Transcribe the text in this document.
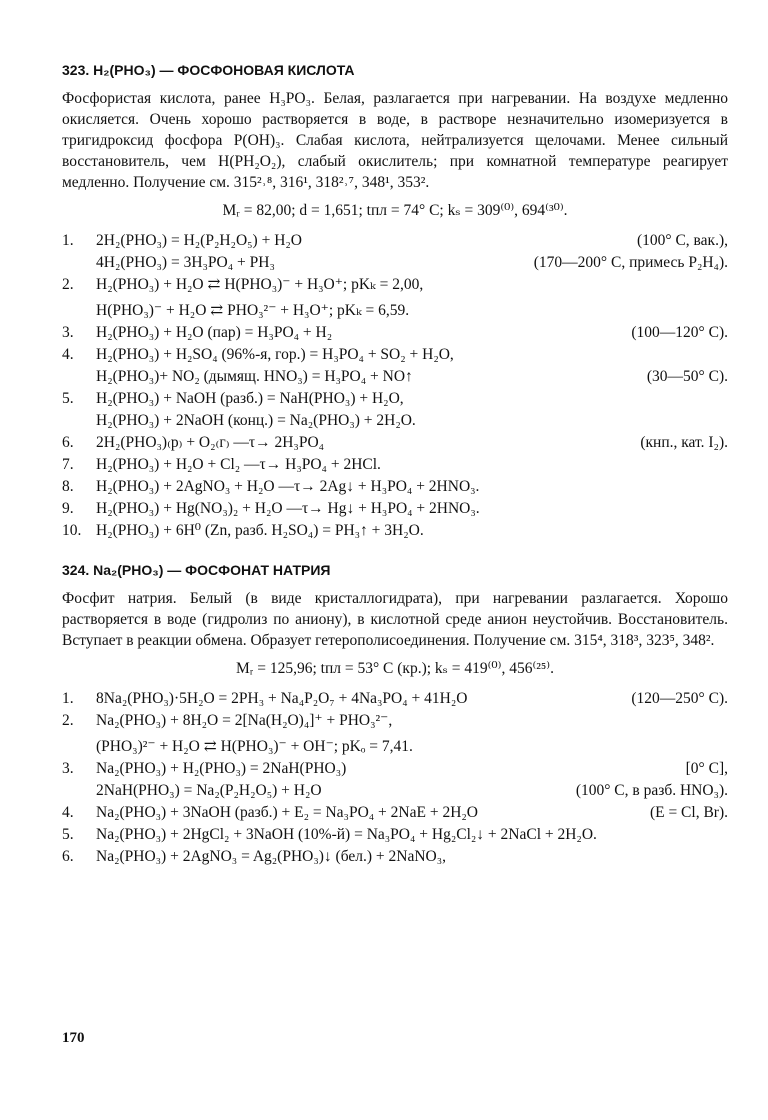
323. H₂(PHO₃) — ФОСФОНОВАЯ КИСЛОТА

Фосфористая кислота, ранее H₃PO₃. Белая, разлагается при нагревании. На воздухе медленно окисляется. Очень хорошо растворяется в воде, в растворе незначительно изомеризуется в тригидроксид фосфора P(OH)₃. Слабая кислота, нейтрализуется щелочами. Менее сильный восстановитель, чем H(PH₂O₂), слабый окислитель; при комнатной температуре реагирует медленно. Получение см. 315²˒⁸, 316¹, 318²˒⁷, 348¹, 353².

Mᵣ = 82,00; d = 1,651; tпл = 74° C; kₛ = 309⁽⁰⁾, 694⁽³⁰⁾.
1.	2H₂(PHO₃) = H₂(P₂H₂O₅) + H₂O	(100° C, вак.),
4H₂(PHO₃) = 3H₃PO₄ + PH₃	(170—200° C, примесь P₂H₄).
2.	H₂(PHO₃) + H₂O ⇄ H(PHO₃)⁻ + H₃O⁺; pKₖ = 2,00,
H(PHO₃)⁻ + H₂O ⇄ PHO₃²⁻ + H₃O⁺; pKₖ = 6,59.
3.	H₂(PHO₃) + H₂O (пар) = H₃PO₄ + H₂	(100—120° C).
4.	H₂(PHO₃) + H₂SO₄ (96%-я, гор.) = H₃PO₄ + SO₂ + H₂O,
H₂(PHO₃)+ NO₂ (дымящ. HNO₃) = H₃PO₄ + NO↑	(30—50° C).
5.	H₂(PHO₃) + NaOH (разб.) = NaH(PHO₃) + H₂O,
H₂(PHO₃) + 2NaOH (конц.) = Na₂(PHO₃) + 2H₂O.
6.	2H₂(PHO₃)₍р₎ + O₂₍г₎ —τ→ 2H₃PO₄	(кнп., кат. I₂).
7.	H₂(PHO₃) + H₂O + Cl₂ —τ→ H₃PO₄ + 2HCl.
8.	H₂(PHO₃) + 2AgNO₃ + H₂O —τ→ 2Ag↓ + H₃PO₄ + 2HNO₃.
9.	H₂(PHO₃) + Hg(NO₃)₂ + H₂O —τ→ Hg↓ + H₃PO₄ + 2HNO₃.
10. H₂(PHO₃) + 6H⁰ (Zn, разб. H₂SO₄) = PH₃↑ + 3H₂O.
324. Na₂(PHO₃) — ФОСФОНАТ НАТРИЯ

Фосфит натрия. Белый (в виде кристаллогидрата), при нагревании разлагается. Хорошо растворяется в воде (гидролиз по аниону), в кислотной среде анион неустойчив. Восстановитель. Вступает в реакции обмена. Образует гетерополисоединения. Получение см. 315⁴, 318³, 323⁵, 348².

Mᵣ = 125,96; tпл = 53° C (кр.); kₛ = 419⁽⁰⁾, 456⁽²⁵⁾.
1.	8Na₂(PHO₃)·5H₂O = 2PH₃ + Na₄P₂O₇ + 4Na₃PO₄ + 41H₂O	(120—250° C).
2.	Na₂(PHO₃) + 8H₂O = 2[Na(H₂O)₄]⁺ + PHO₃²⁻,
(PHO₃)²⁻ + H₂O ⇄ H(PHO₃)⁻ + OH⁻; pKₒ = 7,41.
3.	Na₂(PHO₃) + H₂(PHO₃) = 2NaH(PHO₃)	[0° C],
2NaH(PHO₃) = Na₂(P₂H₂O₅) + H₂O	(100° C, в разб. HNO₃).
4.	Na₂(PHO₃) + 3NaOH (разб.) + E₂ = Na₃PO₄ + 2NaE + 2H₂O	(E = Cl, Br).
5.	Na₂(PHO₃) + 2HgCl₂ + 3NaOH (10%-й) = Na₃PO₄ + Hg₂Cl₂↓ + 2NaCl + 2H₂O.
6.	Na₂(PHO₃) + 2AgNO₃ = Ag₂(PHO₃)↓ (бел.) + 2NaNO₃,
170
